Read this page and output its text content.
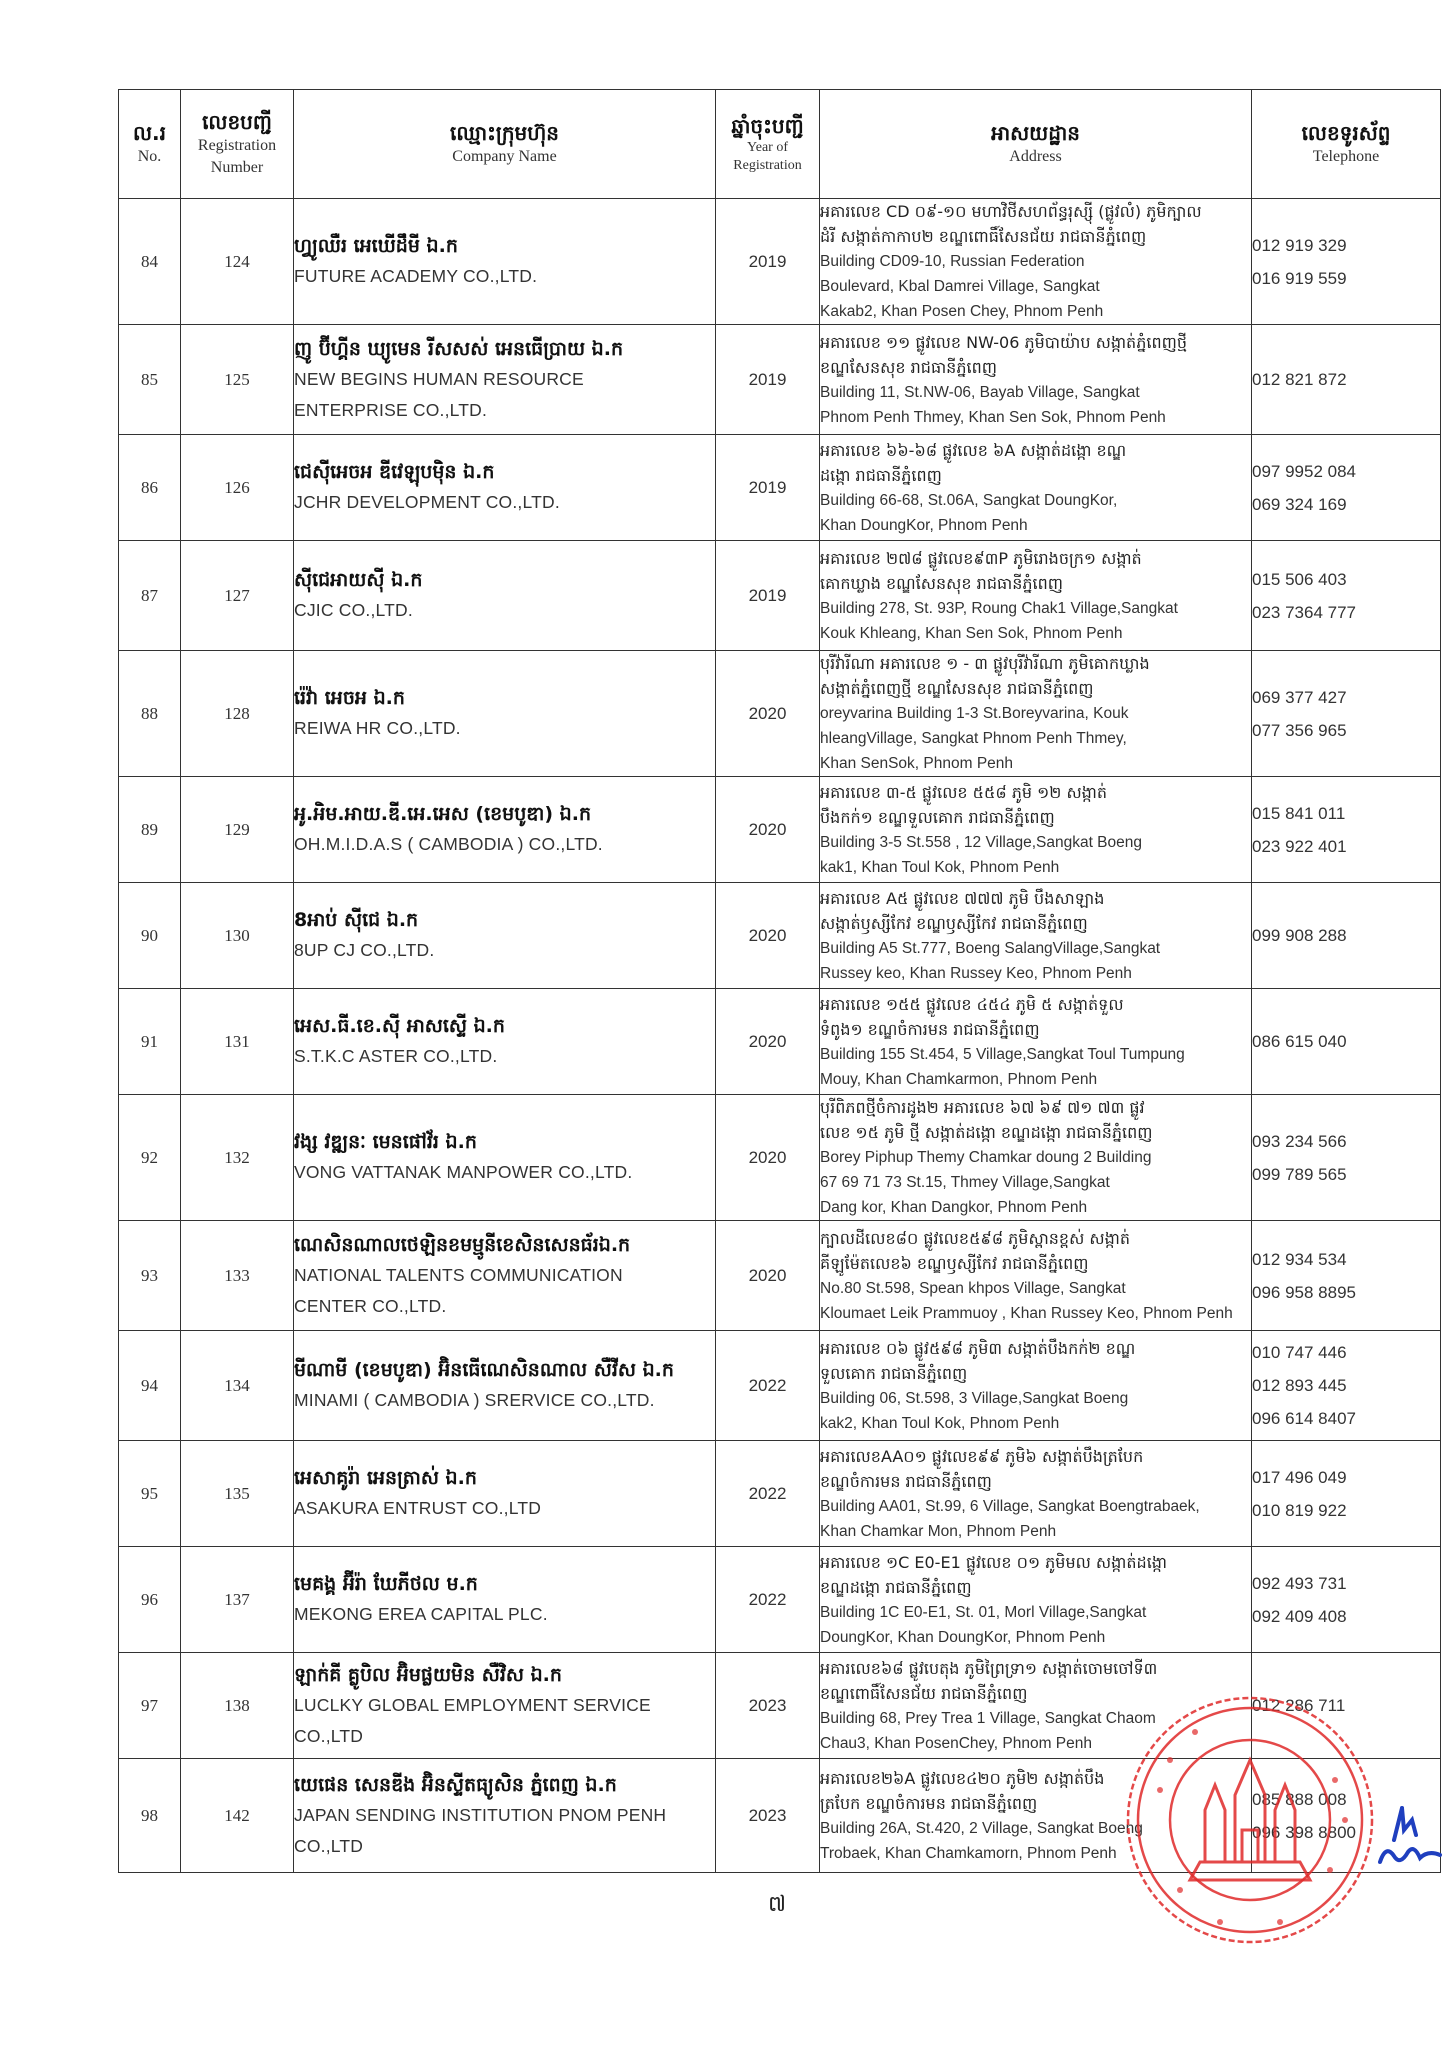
ល.រ
No.	លេខបញ្ជី
Registration
Number	ឈ្មោះក្រុមហ៊ុន
Company Name	ឆ្នាំចុះបញ្ជី
Year of
Registration	អាសយដ្ឋាន
Address	លេខទូរស័ព្ទ
Telephone

84	124	ហ្វ្យូឈឺរ អេឃើដឹមី ឯ.ក
FUTURE ACADEMY CO.,LTD.	2019	អគារលេខ CD ០៩-១០ មហាវិថីសហព័ន្ធរុស្ស៊ី (ផ្លូវលំ) ភូមិក្បាល
ដំរី សង្កាត់កាកាប២ ខណ្ឌពោធិ៍សែនជ័យ រាជធានីភ្នំពេញ
Building CD09-10, Russian Federation
Boulevard, Kbal Damrei Village, Sangkat
Kakab2, Khan Posen Chey, Phnom Penh	012 919 329
016 919 559

85	125	ញូ ប៊ីហ្គីន ឃ្យូមេន រីសសស់ អេនធើប្រាយ ឯ.ក
NEW BEGINS HUMAN RESOURCE
ENTERPRISE CO.,LTD.	2019	អគារលេខ ១១ ផ្លូវលេខ NW-06 ភូមិបាយ៉ាប សង្កាត់ភ្នំពេញថ្មី
ខណ្ឌសែនសុខ រាជធានីភ្នំពេញ
Building 11, St.NW-06, Bayab Village, Sangkat
Phnom Penh Thmey, Khan Sen Sok, Phnom Penh	012 821 872

86	126	ជេស៊ីអេចអ ឌីវេឡុបម៉ិន ឯ.ក
JCHR DEVELOPMENT CO.,LTD.	2019	អគារលេខ ៦៦-៦៨ ផ្លូវលេខ ៦A សង្កាត់ដង្កោ ខណ្ឌ
ដង្កោ រាជធានីភ្នំពេញ
Building 66-68, St.06A, Sangkat DoungKor,
Khan DoungKor, Phnom Penh	097 9952 084
069 324 169

87	127	ស៊ីជេអាយស៊ី ឯ.ក
CJIC CO.,LTD.	2019	អគារលេខ ២៧៨ ផ្លូវលេខ៩៣P ភូមិរោងចក្រ១ សង្កាត់
គោកឃ្លាង ខណ្ឌសែនសុខ រាជធានីភ្នំពេញ
Building 278, St. 93P, Roung Chak1 Village,Sangkat
Kouk Khleang, Khan Sen Sok, Phnom Penh	015 506 403
023 7364 777

88	128	រ៉េវ៉ា អេចអ ឯ.ក
REIWA HR CO.,LTD.	2020	បុរីវ៉ារីណា អគារលេខ ១ - ៣ ផ្លូវបុរីវ៉ារីណា ភូមិគោកឃ្លាង
សង្កាត់ភ្នំពេញថ្មី ខណ្ឌសែនសុខ រាជធានីភ្នំពេញ
oreyvarina Building 1-3 St.Boreyvarina, Kouk
hleangVillage, Sangkat Phnom Penh Thmey,
Khan SenSok, Phnom Penh	069 377 427
077 356 965

89	129	អូ.អិម.អាយ.ឌី.អេ.អេស (ខេមបូឌា) ឯ.ក
OH.M.I.D.A.S ( CAMBODIA ) CO.,LTD.	2020	អគារលេខ ៣-៥ ផ្លូវលេខ ៥៥៨ ភូមិ ១២ សង្កាត់
បឹងកក់១ ខណ្ឌទួលគោក រាជធានីភ្នំពេញ
Building 3-5 St.558 , 12 Village,Sangkat Boeng
kak1, Khan Toul Kok, Phnom Penh	015 841 011
023 922 401

90	130	8អាប់ ស៊ីជេ ឯ.ក
8UP CJ CO.,LTD.	2020	អគារលេខ A៥ ផ្លូវលេខ ៧៧៧ ភូមិ បឹងសាឡាង
សង្កាត់ឫស្សីកែវ ខណ្ឌឫស្សីកែវ រាជធានីភ្នំពេញ
Building A5 St.777, Boeng SalangVillage,Sangkat
Russey keo, Khan Russey Keo, Phnom Penh	099 908 288

91	131	អេស.ធី.ខេ.ស៊ី អាសស្ទើ ឯ.ក
S.T.K.C ASTER CO.,LTD.	2020	អគារលេខ ១៥៥ ផ្លូវលេខ ៤៥៤ ភូមិ ៥ សង្កាត់ទួល
ទំពូង១ ខណ្ឌចំការមន រាជធានីភ្នំពេញ
Building 155 St.454, 5 Village,Sangkat Toul Tumpung
Mouy, Khan Chamkarmon, Phnom Penh	086 615 040

92	132	វង្ស វឌ្ឍនៈ មេនផៅវ័រ ឯ.ក
VONG VATTANAK MANPOWER CO.,LTD.	2020	បុរីពិភពថ្មីចំការដូង២ អគារលេខ ៦៧ ៦៩ ៧១ ៧៣ ផ្លូវ
លេខ ១៥ ភូមិ ថ្មី សង្កាត់ដង្កោ ខណ្ឌដង្កោ រាជធានីភ្នំពេញ
Borey Piphup Themy Chamkar doung 2 Building
67 69 71 73 St.15, Thmey Village,Sangkat
Dang kor, Khan Dangkor, Phnom Penh	093 234 566
099 789 565

93	133	ណេសិនណាលថេឡិនខមម្មូនីខេសិនសេនធ័រឯ.ក
NATIONAL TALENTS COMMUNICATION
CENTER CO.,LTD.	2020	ក្បាលដីលេខ៨០ ផ្លូវលេខ៥៩៨ ភូមិស្ពានខ្ពស់ សង្កាត់
គីឡូម៉ែតលេខ៦ ខណ្ឌឫស្សីកែវ រាជធានីភ្នំពេញ
No.80 St.598, Spean khpos Village, Sangkat
Kloumaet Leik Prammuoy , Khan Russey Keo, Phnom Penh	012 934 534
096 958 8895

94	134	មីណាមី (ខេមបូឌា) អ៊ិនធើណេសិនណាល សឺវីស ឯ.ក
MINAMI ( CAMBODIA ) SRERVICE CO.,LTD.	2022	អគារលេខ ០៦ ផ្លូវ៥៩៨ ភូមិ៣ សង្កាត់បឹងកក់២ ខណ្ឌ
ទួលគោក រាជធានីភ្នំពេញ
Building 06, St.598, 3 Village,Sangkat Boeng
kak2, Khan Toul Kok, Phnom Penh	010 747 446
012 893 445
096 614 8407

95	135	អេសាគូរ៉ា អេនត្រាស់ ឯ.ក
ASAKURA ENTRUST CO.,LTD	2022	អគារលេខAA០១ ផ្លូវលេខ៩៩ ភូមិ៦ សង្កាត់បឹងត្របែក
ខណ្ឌចំការមន រាជធានីភ្នំពេញ
Building AA01, St.99, 6 Village, Sangkat Boengtrabaek,
Khan Chamkar Mon, Phnom Penh	017 496 049
010 819 922

96	137	មេគង្គ អ៊ីរ៉ា ឃែភីថល ម.ក
MEKONG EREA CAPITAL PLC.	2022	អគារលេខ ១C E0-E1 ផ្លូវលេខ ០១ ភូមិមល សង្កាត់ដង្កោ
ខណ្ឌដង្កោ រាជធានីភ្នំពេញ
Building 1C E0-E1, St. 01, Morl Village,Sangkat
DoungKor, Khan DoungKor, Phnom Penh	092 493 731
092 409 408

97	138	ឡាក់គី គ្លូបិល អ៊ិមផ្លយមិន សឺវិស ឯ.ក
LUCLKY GLOBAL EMPLOYMENT SERVICE
CO.,LTD	2023	អគារលេខ៦៨ ផ្លូវបេតុង ភូមិព្រៃទ្រា១ សង្កាត់ចោមចៅទី៣
ខណ្ឌពោធិ៍សែនជ័យ រាជធានីភ្នំពេញ
Building 68, Prey Trea 1 Village, Sangkat Chaom
Chau3, Khan PosenChey, Phnom Penh	012 286 711

98	142	យេផេន សេនឌីង អ៊ិនស្ទីតធ្យូសិន ភ្នំពេញ ឯ.ក
JAPAN SENDING INSTITUTION PNOM PENH
CO.,LTD	2023	អគារលេខ២៦A ផ្លូវលេខ៤២០ ភូមិ២ សង្កាត់បឹង
ត្របែក ខណ្ឌចំការមន រាជធានីភ្នំពេញ
Building 26A, St.420, 2 Village, Sangkat Boeng
Trobaek, Khan Chamkamorn, Phnom Penh	085 888 008
096 398 8800
៧
